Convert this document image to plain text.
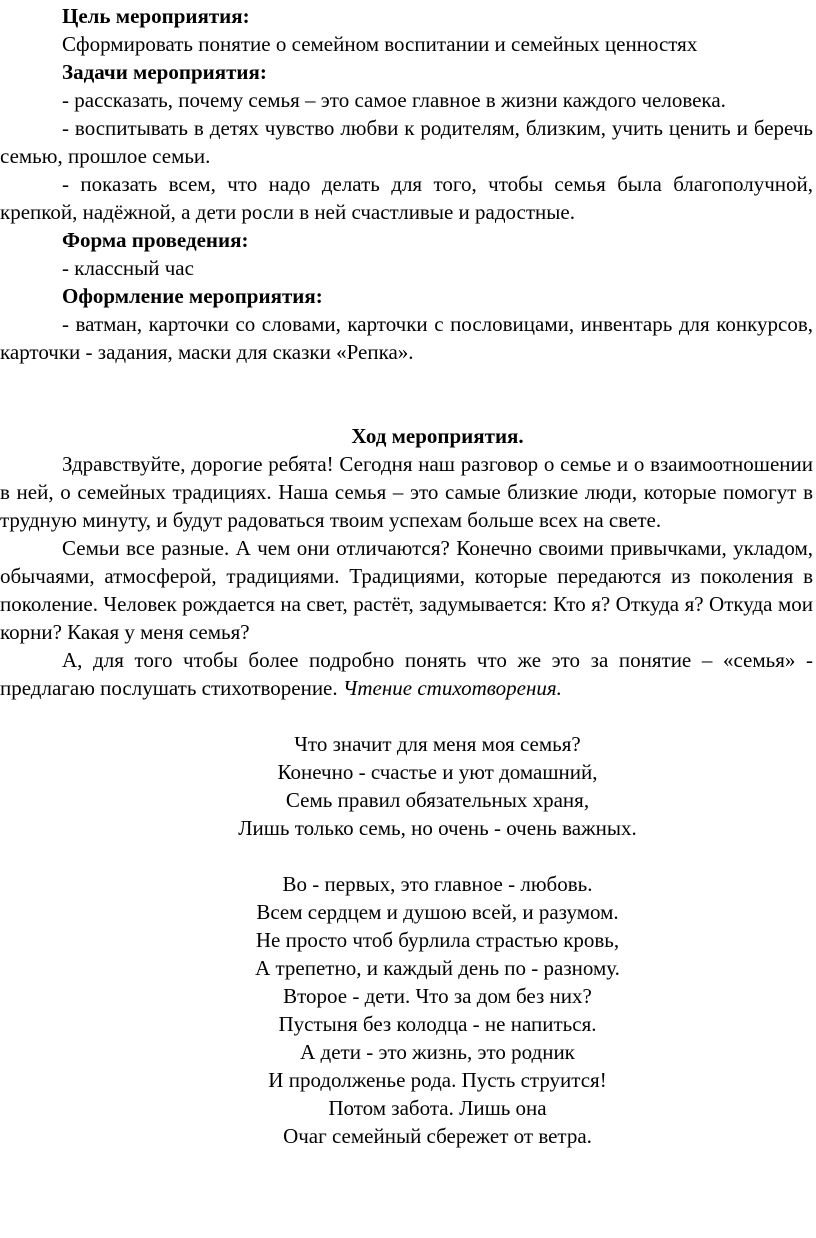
Цель мероприятия:

Сформировать понятие о семейном воспитании и семейных ценностях

Задачи мероприятия:

- рассказать, почему семья – это самое главное в жизни каждого человека.

- воспитывать в детях чувство любви к родителям, близким, учить ценить и беречь семью, прошлое семьи.

- показать всем, что надо делать для того, чтобы семья была благополучной, крепкой, надёжной, а дети росли в ней счастливые и радостные.

Форма проведения:

- классный час

Оформление мероприятия:

- ватман, карточки со словами, карточки с пословицами, инвентарь для конкурсов, карточки - задания, маски для сказки «Репка».

Ход мероприятия.

Здравствуйте, дорогие ребята! Сегодня наш разговор о семье и о взаимоотношении в ней, о семейных традициях. Наша семья – это самые близкие люди, которые помогут в трудную минуту, и будут радоваться твоим успехам больше всех на свете.

Семьи все разные. А чем они отличаются? Конечно своими привычками, укладом, обычаями, атмосферой, традициями. Традициями, которые передаются из поколения в поколение. Человек рождается на свет, растёт, задумывается: Кто я? Откуда я? Откуда мои корни? Какая у меня семья?

А, для того чтобы более подробно понять что же это за понятие – «семья» - предлагаю послушать стихотворение. Чтение стихотворения.

Что значит для меня моя семья?
Конечно - счастье и уют домашний,
Семь правил обязательных храня,
Лишь только семь, но очень - очень важных.
Во - первых, это главное - любовь.
Всем сердцем и душою всей, и разумом.
Не просто чтоб бурлила страстью кровь,
А трепетно, и каждый день по - разному.
Второе - дети. Что за дом без них?
Пустыня без колодца - не напиться.
А дети - это жизнь, это родник
И продолженье рода. Пусть струится!
Потом забота. Лишь она
Очаг семейный сбережет от ветра.
